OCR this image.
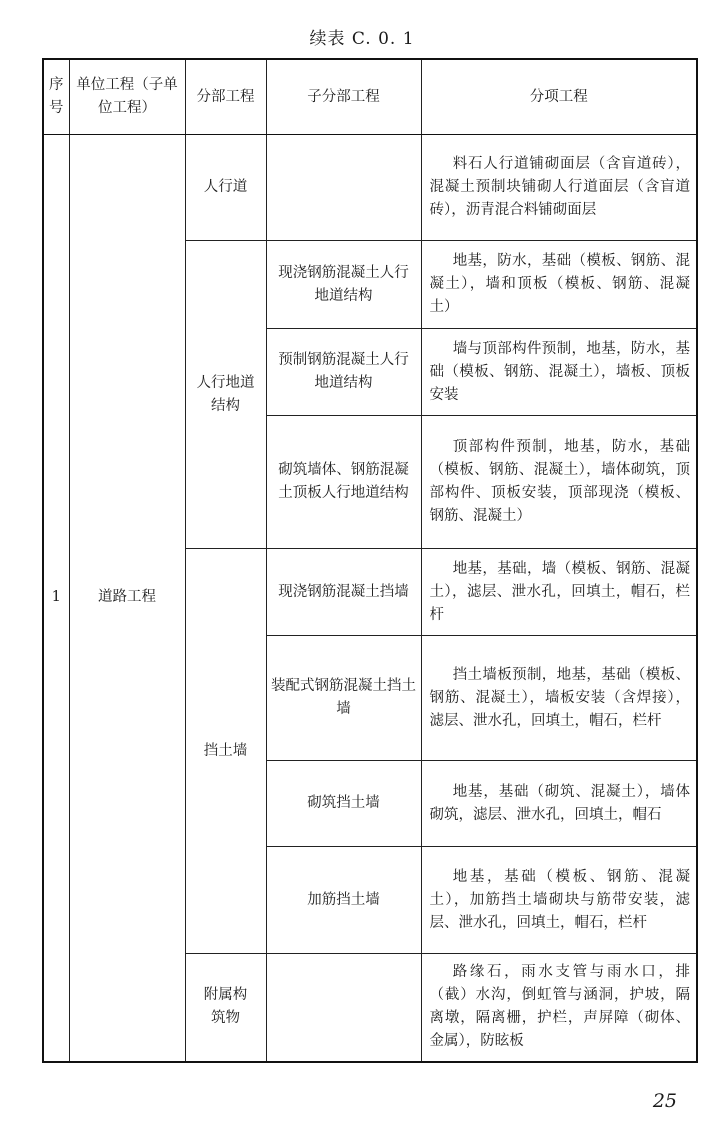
续表 C. 0. 1
序号	单位工程（子单位工程）	分部工程	子分部工程	分项工程
1	道路工程	人行道		料石人行道铺砌面层（含盲道砖），混凝土预制块铺砌人行道面层（含盲道砖），沥青混合料铺砌面层

		人行地道结构	现浇钢筋混凝土人行地道结构	地基，防水，基础（模板、钢筋、混凝土），墙和顶板（模板、钢筋、混凝土）

			预制钢筋混凝土人行地道结构	墙与顶部构件预制，地基，防水，基础（模板、钢筋、混凝土），墙板、顶板安装

			砌筑墙体、钢筋混凝土顶板人行地道结构	顶部构件预制，地基，防水，基础（模板、钢筋、混凝土），墙体砌筑，顶部构件、顶板安装，顶部现浇（模板、钢筋、混凝土）

		挡土墙	现浇钢筋混凝土挡墙	地基，基础，墙（模板、钢筋、混凝土），滤层、泄水孔，回填土，帽石，栏杆

			装配式钢筋混凝土挡土墙	挡土墙板预制，地基，基础（模板、钢筋、混凝土），墙板安装（含焊接），滤层、泄水孔，回填土，帽石，栏杆

			砌筑挡土墙	地基，基础（砌筑、混凝土），墙体砌筑，滤层、泄水孔，回填土，帽石

			加筋挡土墙	地基，基础（模板、钢筋、混凝土），加筋挡土墙砌块与筋带安装，滤层、泄水孔，回填土，帽石，栏杆

		附属构筑物		路缘石，雨水支管与雨水口，排（截）水沟，倒虹管与涵洞，护坡，隔离墩，隔离栅，护栏，声屏障（砌体、金属），防眩板
25
